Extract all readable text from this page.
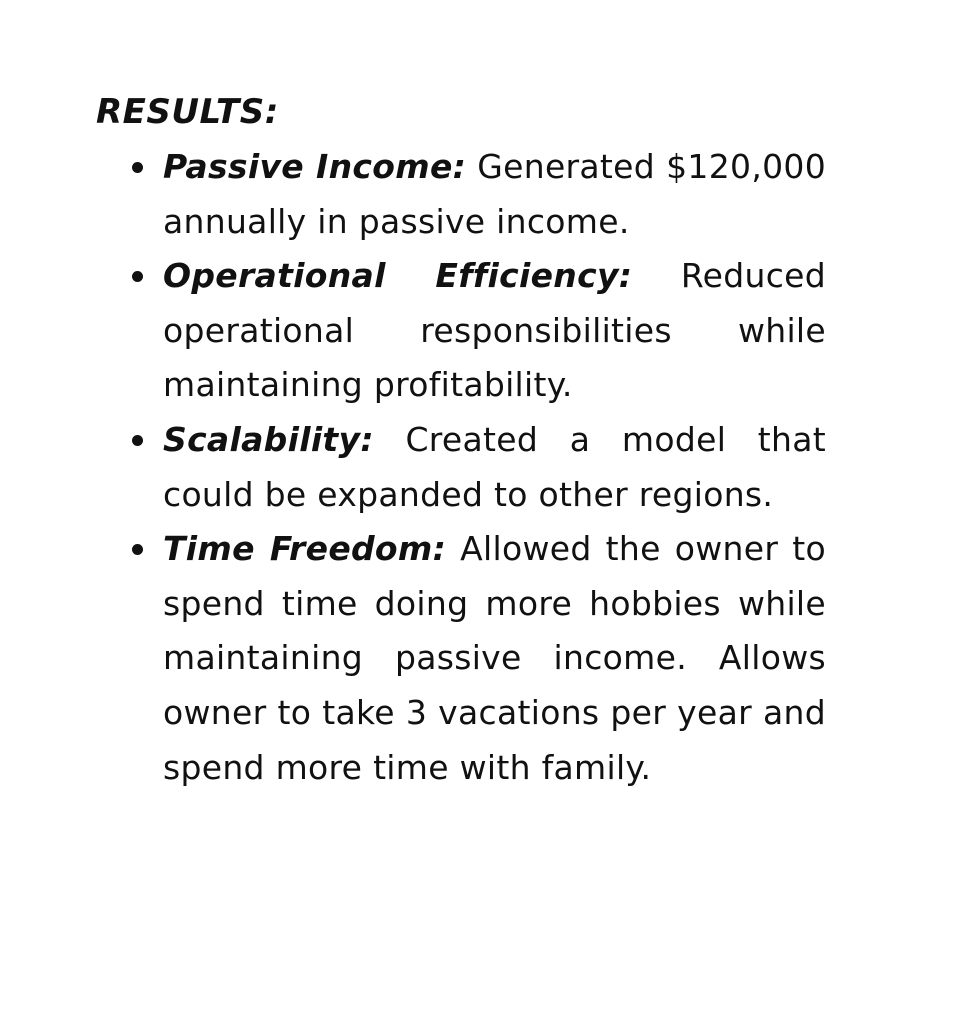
RESULTS:
Passive Income: Generated $120,000 annually in passive income.
Operational Efficiency: Reduced operational responsibilities while maintaining profitability.
Scalability: Created a model that could be expanded to other regions.
Time Freedom: Allowed the owner to spend time doing more hobbies while maintaining passive income. Allows owner to take 3 vacations per year and spend more time with family.
